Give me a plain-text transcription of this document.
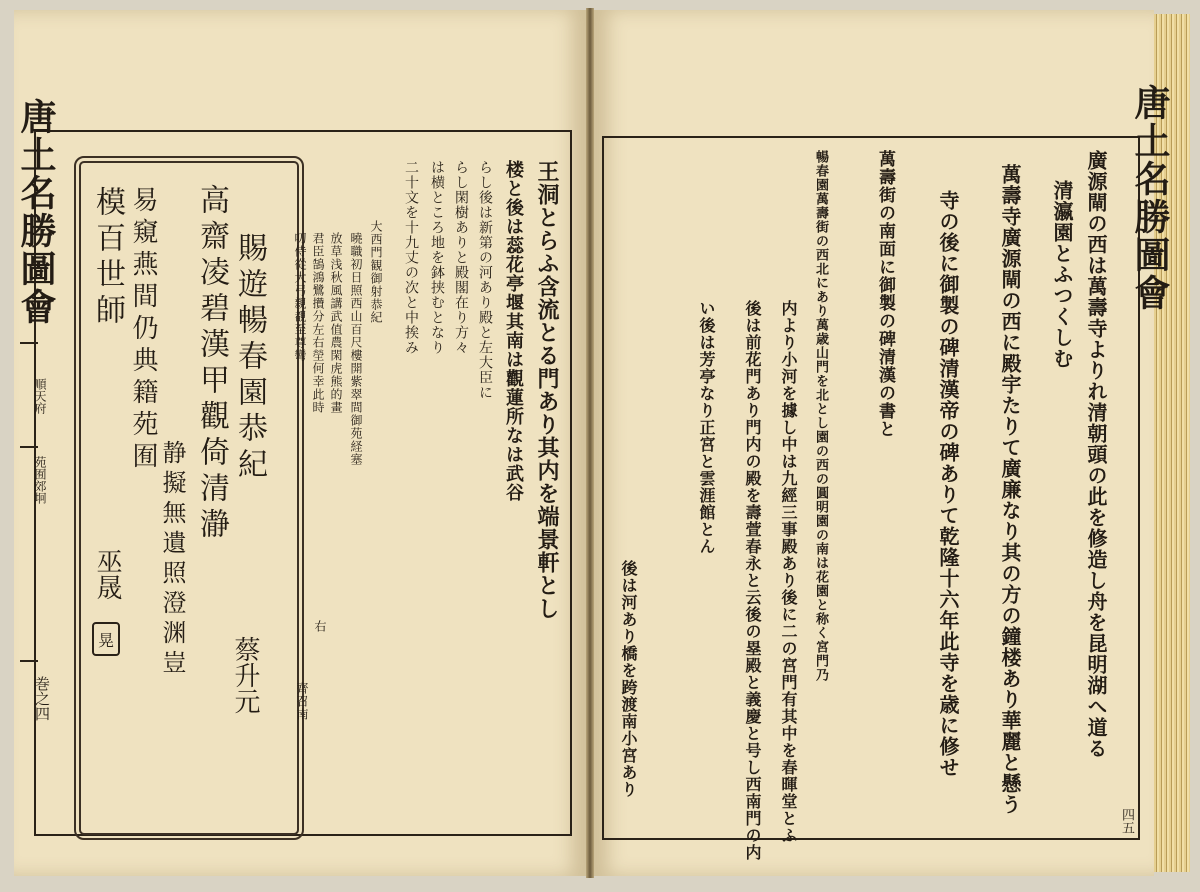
唐土名勝圖會
順天府
苑囿郊坰
巻之四
賜遊暢春園恭紀
高齋凌碧漢甲觀倚清瀞
静擬無遺照澄渊豈
易窺燕間仍典籍苑囿
模百世師
蔡升元
巫晟
晃
王洞とらふ含流とる門あり其内を端景軒とし
楼と後は蕊花亭堰其南は觀蓮所なは武谷
らし後は新第の河あり殿と左大臣に
らし閑樹ありと殿閣在り方々
は横ところ地を鉢挟むとなり
二十文を十九丈の次と中挨み
大西門観御射恭紀
曉職初日照西山百尺樓開紫翠間御苑経塞
放草浅秋風講武值農閑虎熊的畫
君臣鵠鴻鷺攢分左右塋何幸此時
叨侍從大弓親覩至尊彎
右
齊召南
唐土名勝圖會
四五
廣源閘の西は萬壽寺よりれ清朝頭の此を修造し舟を昆明湖へ道る
清瀛園とふつくしむ
萬壽寺廣源閘の西に殿宇たりて廣廉なり其の方の鐘楼あり華麗と懸う
寺の後に御製の碑清漢帝の碑ありて乾隆十六年此寺を歳に修せ
萬壽街の南面に御製の碑清漢の書と
暢春園萬壽街の西北にあり萬歳山門を北とし園の西の圓明園の南は花園と称く宮門乃
内より小河を據し中は九經三事殿あり後に二の宮門有其中を春暉堂とふ
後は前花門あり門内の殿を壽萱春永と云後の塁殿と義慶と号し西南門の内
い後は芳亭なり正宮と雲涯館とん
後は河あり橋を跨渡南小宮あり
